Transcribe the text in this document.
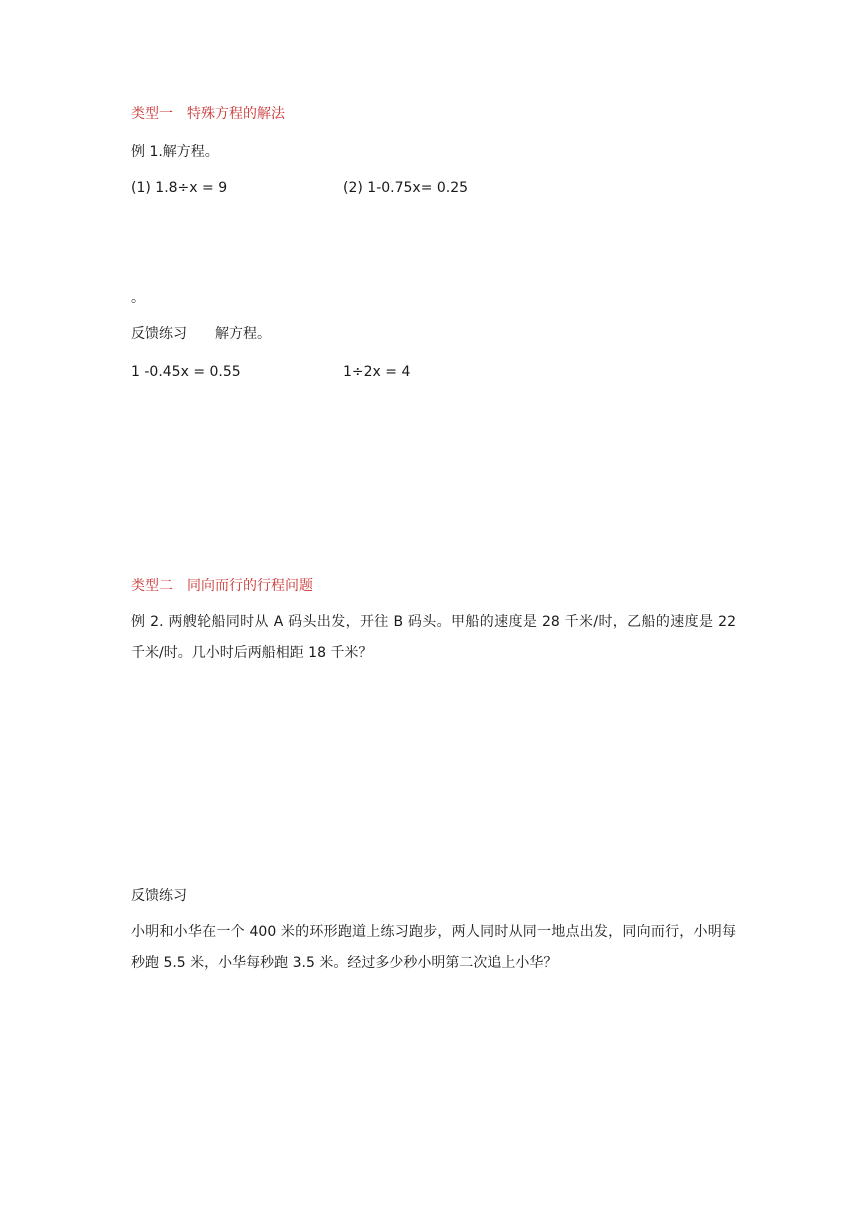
类型一　特殊方程的解法
例 1.解方程。
(1) 1.8÷x = 9	(2) 1-0.75x= 0.25
。
反馈练习　　解方程。
1 -0.45x = 0.55	1÷2x = 4
类型二　同向而行的行程问题
例 2. 两艘轮船同时从 A 码头出发，开往 B 码头。甲船的速度是 28 千米/时，乙船的速度是 22 千米/时。几小时后两船相距 18 千米？
反馈练习
小明和小华在一个 400 米的环形跑道上练习跑步，两人同时从同一地点出发，同向而行，小明每秒跑 5.5 米，小华每秒跑 3.5 米。经过多少秒小明第二次追上小华？
